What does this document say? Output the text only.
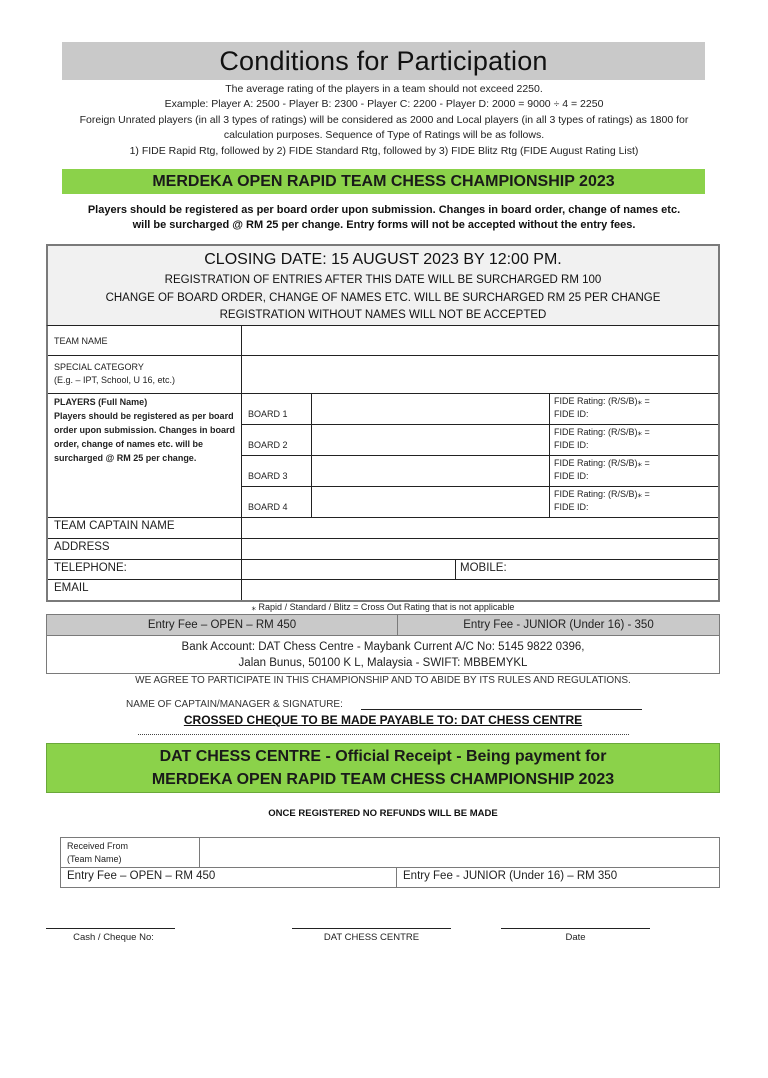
Conditions for Participation
The average rating of the players in a team should not exceed 2250.
Example: Player A: 2500 - Player B: 2300 - Player C: 2200 - Player D: 2000 = 9000 ÷ 4 = 2250
Foreign Unrated players (in all 3 types of ratings) will be considered as 2000 and Local players (in all 3 types of ratings) as 1800 for
calculation purposes. Sequence of Type of Ratings will be as follows.
1) FIDE Rapid Rtg, followed by 2) FIDE Standard Rtg, followed by 3) FIDE Blitz Rtg (FIDE August Rating List)
MERDEKA OPEN RAPID TEAM CHESS CHAMPIONSHIP 2023
Players should be registered as per board order upon submission. Changes in board order, change of names etc.
will be surcharged @ RM 25 per change. Entry forms will not be accepted without the entry fees.
CLOSING DATE: 15 AUGUST 2023 BY 12:00 PM.
REGISTRATION OF ENTRIES AFTER THIS DATE WILL BE SURCHARGED RM 100
CHANGE OF BOARD ORDER, CHANGE OF NAMES ETC. WILL BE SURCHARGED RM 25 PER CHANGE
REGISTRATION WITHOUT NAMES WILL NOT BE ACCEPTED
TEAM NAME
SPECIAL CATEGORY
(E.g. – IPT, School, U 16, etc.)
PLAYERS (Full Name)
Players should be registered as per board order upon submission. Changes in board order, change of names etc. will be surcharged @ RM 25 per change.
BOARD 1
FIDE Rating: (R/S/B)⁎ =
FIDE ID:
BOARD 2
FIDE Rating: (R/S/B)⁎ =
FIDE ID:
BOARD 3
FIDE Rating: (R/S/B)⁎ =
FIDE ID:
BOARD 4
FIDE Rating: (R/S/B)⁎ =
FIDE ID:
TEAM CAPTAIN NAME
ADDRESS
TELEPHONE:	MOBILE:
EMAIL
⁎ Rapid / Standard / Blitz = Cross Out Rating that is not applicable
Entry Fee – OPEN – RM 450	Entry Fee - JUNIOR (Under 16) - 350
Bank Account: DAT Chess Centre - Maybank Current A/C No: 5145 9822 0396,
Jalan Bunus, 50100 K L, Malaysia - SWIFT: MBBEMYKL
WE AGREE TO PARTICIPATE IN THIS CHAMPIONSHIP AND TO ABIDE BY ITS RULES AND REGULATIONS.
NAME OF CAPTAIN/MANAGER & SIGNATURE:
CROSSED CHEQUE TO BE MADE PAYABLE TO: DAT CHESS CENTRE
DAT CHESS CENTRE - Official Receipt - Being payment for
MERDEKA OPEN RAPID TEAM CHESS CHAMPIONSHIP 2023
ONCE REGISTERED NO REFUNDS WILL BE MADE
Received From
(Team Name)
Entry Fee – OPEN – RM 450	Entry Fee - JUNIOR (Under 16) – RM 350
Cash / Cheque No:	DAT CHESS CENTRE	Date
